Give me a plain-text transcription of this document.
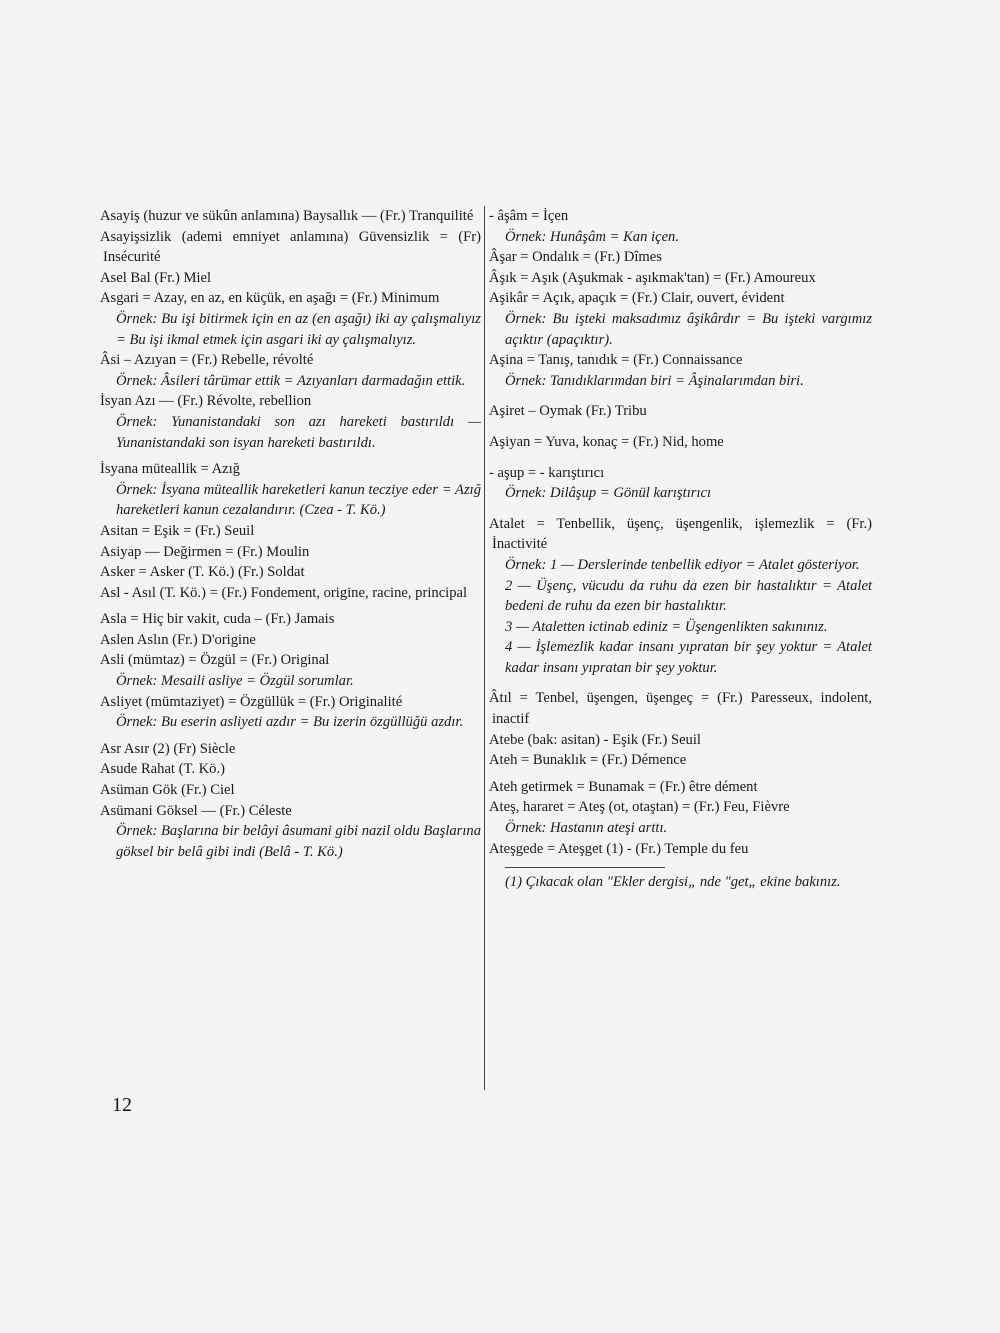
Asayiş (huzur ve sükûn anlamına) Baysallık — (Fr.) Tranquilité

Asayişsizlik (ademi emniyet anlamına) Güvensizlik = (Fr) Insécurité

Asel Bal (Fr.) Miel

Asgari = Azay, en az, en küçük, en aşağı = (Fr.) Minimum

Örnek: Bu işi bitirmek için en az (en aşağı) iki ay çalışmalıyız = Bu işi ikmal etmek için asgari iki ay çalışmalıyız.

Âsi – Azıyan = (Fr.) Rebelle, révolté

Örnek: Âsileri târümar ettik = Azıyanları darmadağın ettik.

İsyan Azı — (Fr.) Révolte, rebellion

Örnek: Yunanistandaki son azı hareketi bastırıldı — Yunanistandaki son isyan hareketi bastırıldı.

İsyana müteallik = Azığ

Örnek: İsyana müteallik hareketleri kanun tecziye eder = Azığ hareketleri kanun cezalandırır. (Czea - T. Kö.)

Asitan = Eşik = (Fr.) Seuil

Asiyap — Değirmen = (Fr.) Moulin

Asker = Asker (T. Kö.) (Fr.) Soldat

Asl - Asıl (T. Kö.) = (Fr.) Fondement, origine, racine, principal

Asla = Hiç bir vakit, cuda – (Fr.) Jamais

Aslen Aslın (Fr.) D'origine

Asli (mümtaz) = Özgül = (Fr.) Original

Örnek: Mesaili asliye = Özgül sorumlar.

Asliyet (mümtaziyet) = Özgüllük = (Fr.) Originalité

Örnek: Bu eserin asliyeti azdır = Bu izerin özgüllüğü azdır.

Asr Asır (2) (Fr) Siècle

Asude Rahat (T. Kö.)

Asüman Gök (Fr.) Ciel

Asümani Göksel — (Fr.) Céleste

Örnek: Başlarına bir belâyi âsumani gibi nazil oldu Başlarına göksel bir belâ gibi indi (Belâ - T. Kö.)

- âşâm = İçen

Örnek: Hunâşâm = Kan içen.

Âşar = Ondalık = (Fr.) Dîmes

Âşık = Aşık (Aşukmak - aşıkmak'tan) = (Fr.) Amoureux

Aşikâr = Açık, apaçık = (Fr.) Clair, ouvert, évident

Örnek: Bu işteki maksadımız âşikârdır = Bu işteki vargımız açıktır (apaçıktır).

Aşina = Tanış, tanıdık = (Fr.) Connaissance

Örnek: Tanıdıklarımdan biri = Âşinalarımdan biri.

Aşiret – Oymak (Fr.) Tribu

Aşiyan = Yuva, konaç = (Fr.) Nid, home

- aşup = - karıştırıcı

Örnek: Dilâşup = Gönül karıştırıcı

Atalet = Tenbellik, üşenç, üşengenlik, işlemezlik = (Fr.) İnactivité

Örnek: 1 — Derslerinde tenbellik ediyor = Atalet gösteriyor.

2 — Üşenç, vücudu da ruhu da ezen bir hastalıktır = Atalet bedeni de ruhu da ezen bir hastalıktır.

3 — Ataletten ictinab ediniz = Üşengenlikten sakınınız.

4 — İşlemezlik kadar insanı yıpratan bir şey yoktur = Atalet kadar insanı yıpratan bir şey yoktur.

Âtıl = Tenbel, üşengen, üşengeç = (Fr.) Paresseux, indolent, inactif

Atebe (bak: asitan) - Eşik (Fr.) Seuil

Ateh = Bunaklık = (Fr.) Démence

Ateh getirmek = Bunamak = (Fr.) être dément

Ateş, hararet = Ateş (ot, otaştan) = (Fr.) Feu, Fièvre

Örnek: Hastanın ateşi arttı.

Ateşgede = Ateşget (1) - (Fr.) Temple du feu

(1) Çıkacak olan "Ekler dergisi„ nde "get„ ekine bakınız.

12
